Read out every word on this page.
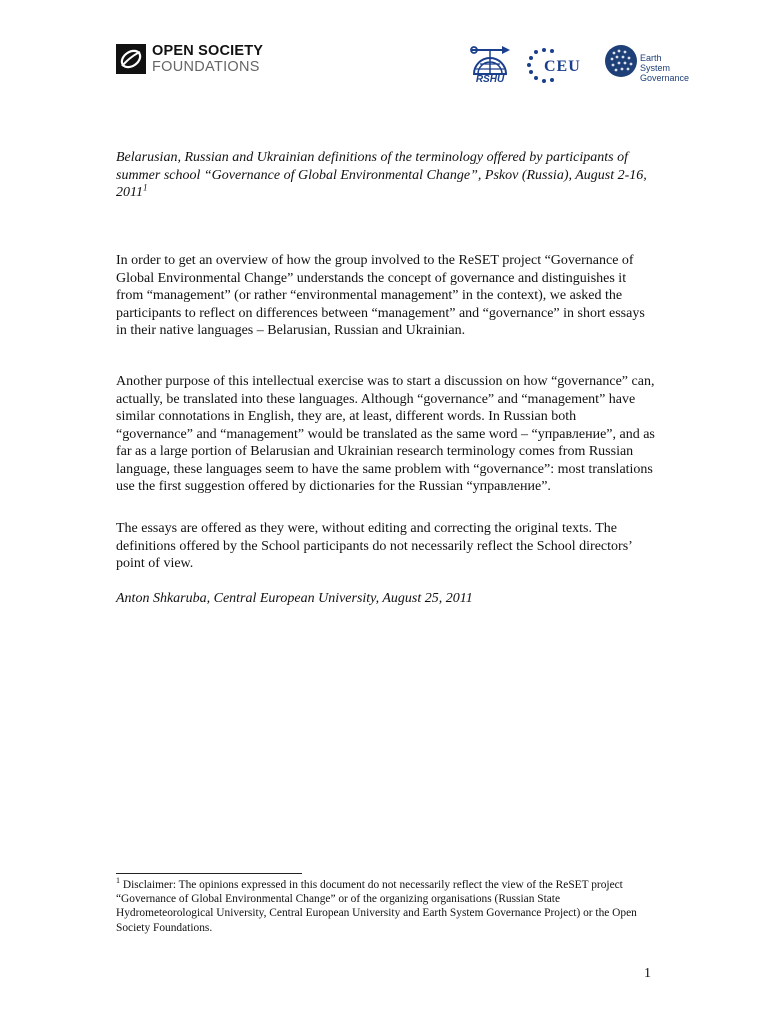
OPEN SOCIETY
FOUNDATIONS
RSHU
CEU	Earth
System
Governance

Belarusian, Russian and Ukrainian definitions of the terminology offered by participants of summer school “Governance of Global Environmental Change”, Pskov (Russia), August 2-16, 2011$^1$

In order to get an overview of how the group involved to the ReSET project “Governance of Global Environmental Change” understands the concept of governance and distinguishes it from “management” (or rather “environmental management” in the context), we asked the participants to reflect on differences between “management” and “governance” in short essays in their native languages – Belarusian, Russian and Ukrainian.

Another purpose of this intellectual exercise was to start a discussion on how “governance” can, actually, be translated into these languages. Although “governance” and “management” have similar connotations in English, they are, at least, different words. In Russian both “governance” and “management” would be translated as the same word – “управление”, and as far as a large portion of Belarusian and Ukrainian research terminology comes from Russian language, these languages seem to have the same problem with “governance”: most translations use the first suggestion offered by dictionaries for the Russian “управление”.

The essays are offered as they were, without editing and correcting the original texts. The definitions offered by the School participants do not necessarily reflect the School directors’ point of view.

Anton Shkaruba, Central European University, August 25, 2011

$^1$ Disclaimer: The opinions expressed in this document do not necessarily reflect the view of the ReSET project “Governance of Global Environmental Change” or of the organizing organisations (Russian State Hydrometeorological University, Central European University and Earth System Governance Project) or the Open Society Foundations.

1
